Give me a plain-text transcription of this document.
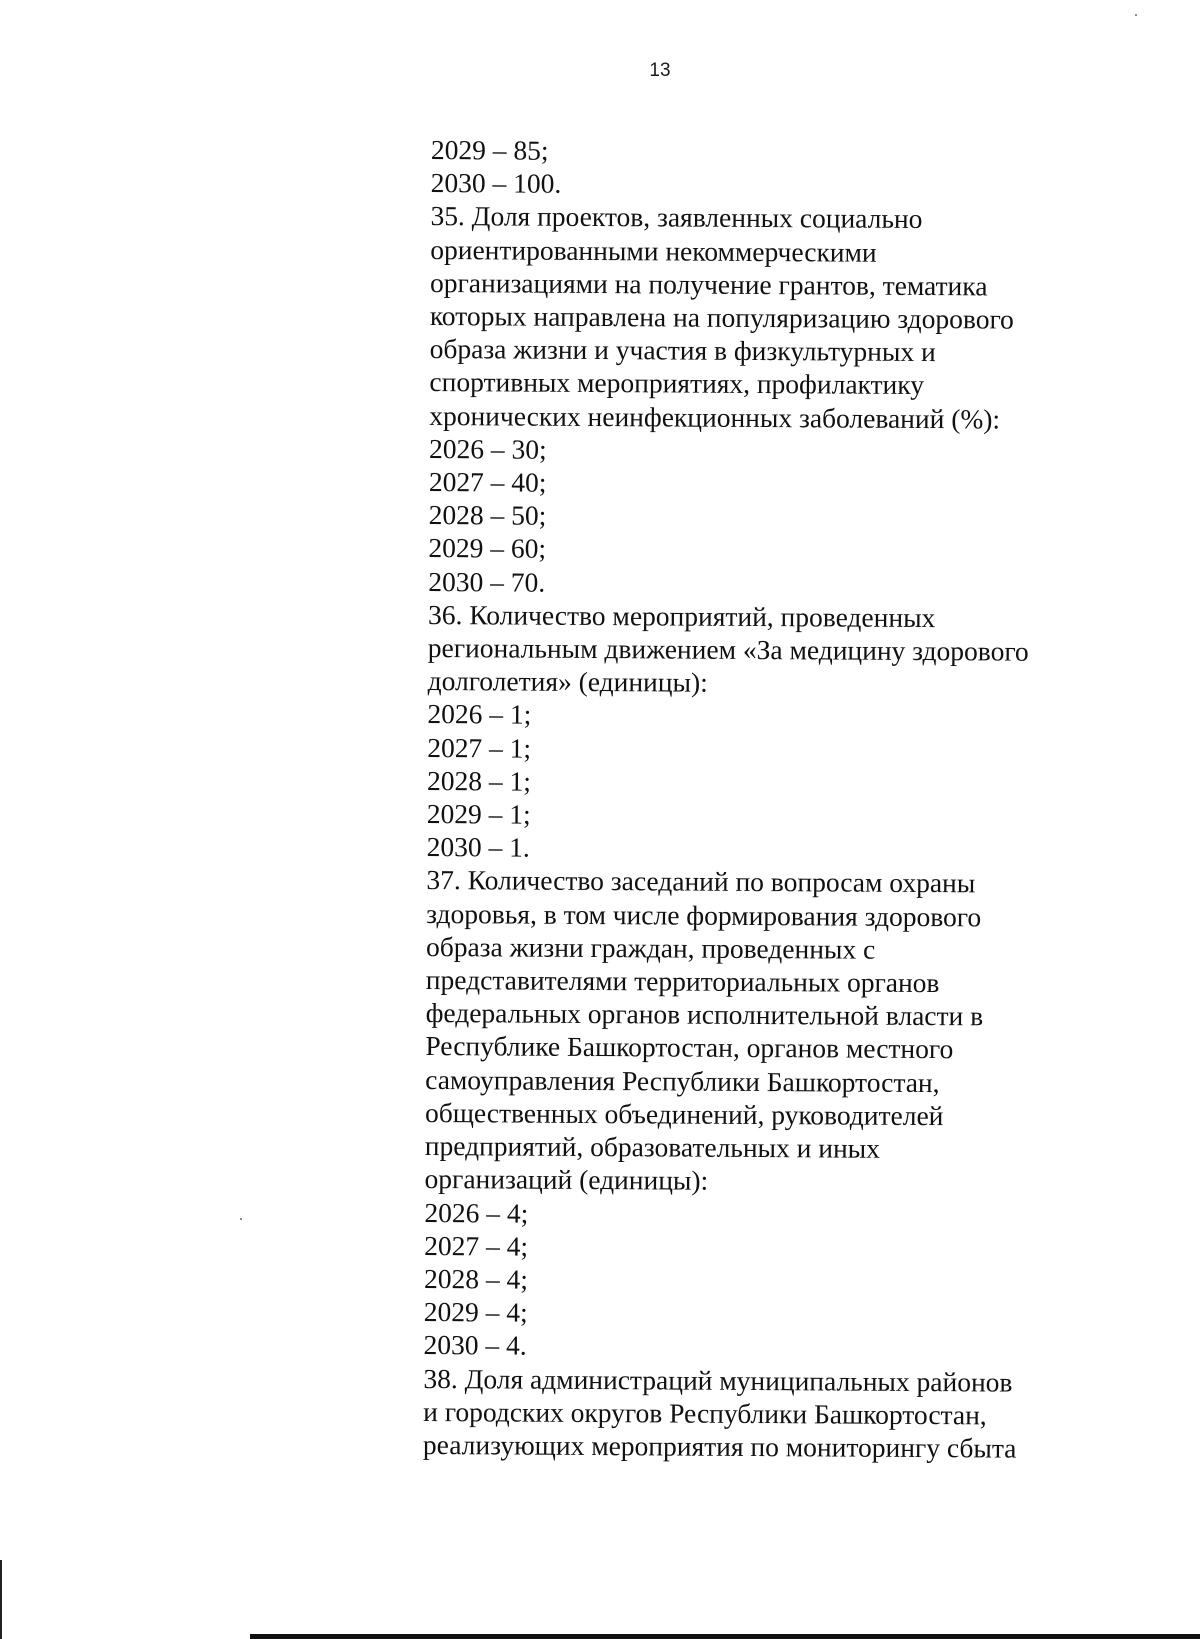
13
2029 – 85;
2030 – 100.
35. Доля проектов, заявленных социально
ориентированными некоммерческими
организациями на получение грантов, тематика
которых направлена на популяризацию здорового
образа жизни и участия в физкультурных и
спортивных мероприятиях, профилактику
хронических неинфекционных заболеваний (%):
2026 – 30;
2027 – 40;
2028 – 50;
2029 – 60;
2030 – 70.
36. Количество мероприятий, проведенных
региональным движением «За медицину здорового
долголетия» (единицы):
2026 – 1;
2027 – 1;
2028 – 1;
2029 – 1;
2030 – 1.
37. Количество заседаний по вопросам охраны
здоровья, в том числе формирования здорового
образа жизни граждан, проведенных с
представителями территориальных органов
федеральных органов исполнительной власти в
Республике Башкортостан, органов местного
самоуправления Республики Башкортостан,
общественных объединений, руководителей
предприятий, образовательных и иных
организаций (единицы):
2026 – 4;
2027 – 4;
2028 – 4;
2029 – 4;
2030 – 4.
38. Доля администраций муниципальных районов
и городских округов Республики Башкортостан,
реализующих мероприятия по мониторингу сбыта
